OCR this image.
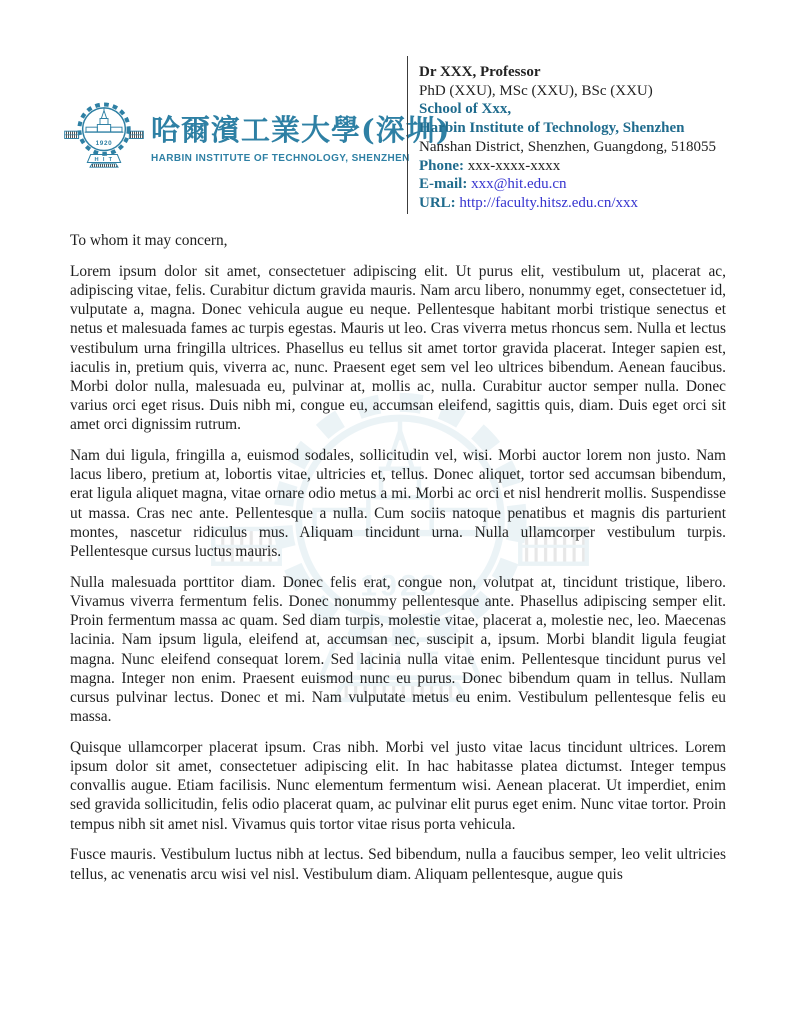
哈爾濱工業大學(深圳)
HARBIN INSTITUTE OF TECHNOLOGY, SHENZHEN
Dr XXX, Professor
PhD (XXU), MSc (XXU), BSc (XXU)
School of Xxx,
Harbin Institute of Technology, Shenzhen
Nanshan District, Shenzhen, Guangdong, 518055
Phone: xxx-xxxx-xxxx
E-mail: xxx@hit.edu.cn
URL: http://faculty.hitsz.edu.cn/xxx

To whom it may concern,

Lorem ipsum dolor sit amet, consectetuer adipiscing elit. Ut purus elit, vestibulum ut, placerat ac, adipiscing vitae, felis. Curabitur dictum gravida mauris. Nam arcu libero, nonummy eget, consectetuer id, vulputate a, magna. Donec vehicula augue eu neque. Pellentesque habitant morbi tristique senectus et netus et malesuada fames ac turpis egestas. Mauris ut leo. Cras viverra metus rhoncus sem. Nulla et lectus vestibulum urna fringilla ultrices. Phasellus eu tellus sit amet tortor gravida placerat. Integer sapien est, iaculis in, pretium quis, viverra ac, nunc. Praesent eget sem vel leo ultrices bibendum. Aenean faucibus. Morbi dolor nulla, malesuada eu, pulvinar at, mollis ac, nulla. Curabitur auctor semper nulla. Donec varius orci eget risus. Duis nibh mi, congue eu, accumsan eleifend, sagittis quis, diam. Duis eget orci sit amet orci dignissim rutrum.

Nam dui ligula, fringilla a, euismod sodales, sollicitudin vel, wisi. Morbi auctor lorem non justo. Nam lacus libero, pretium at, lobortis vitae, ultricies et, tellus. Donec aliquet, tortor sed accumsan bibendum, erat ligula aliquet magna, vitae ornare odio metus a mi. Morbi ac orci et nisl hendrerit mollis. Suspendisse ut massa. Cras nec ante. Pellentesque a nulla. Cum sociis natoque penatibus et magnis dis parturient montes, nascetur ridiculus mus. Aliquam tincidunt urna. Nulla ullamcorper vestibulum turpis. Pellentesque cursus luctus mauris.

Nulla malesuada porttitor diam. Donec felis erat, congue non, volutpat at, tincidunt tristique, libero. Vivamus viverra fermentum felis. Donec nonummy pellentesque ante. Phasellus adipiscing semper elit. Proin fermentum massa ac quam. Sed diam turpis, molestie vitae, placerat a, molestie nec, leo. Maecenas lacinia. Nam ipsum ligula, eleifend at, accumsan nec, suscipit a, ipsum. Morbi blandit ligula feugiat magna. Nunc eleifend consequat lorem. Sed lacinia nulla vitae enim. Pellentesque tincidunt purus vel magna. Integer non enim. Praesent euismod nunc eu purus. Donec bibendum quam in tellus. Nullam cursus pulvinar lectus. Donec et mi. Nam vulputate metus eu enim. Vestibulum pellentesque felis eu massa.

Quisque ullamcorper placerat ipsum. Cras nibh. Morbi vel justo vitae lacus tincidunt ultrices. Lorem ipsum dolor sit amet, consectetuer adipiscing elit. In hac habitasse platea dictumst. Integer tempus convallis augue. Etiam facilisis. Nunc elementum fermentum wisi. Aenean placerat. Ut imperdiet, enim sed gravida sollicitudin, felis odio placerat quam, ac pulvinar elit purus eget enim. Nunc vitae tortor. Proin tempus nibh sit amet nisl. Vivamus quis tortor vitae risus porta vehicula.

Fusce mauris. Vestibulum luctus nibh at lectus. Sed bibendum, nulla a faucibus semper, leo velit ultricies tellus, ac venenatis arcu wisi vel nisl. Vestibulum diam. Aliquam pellentesque, augue quis
